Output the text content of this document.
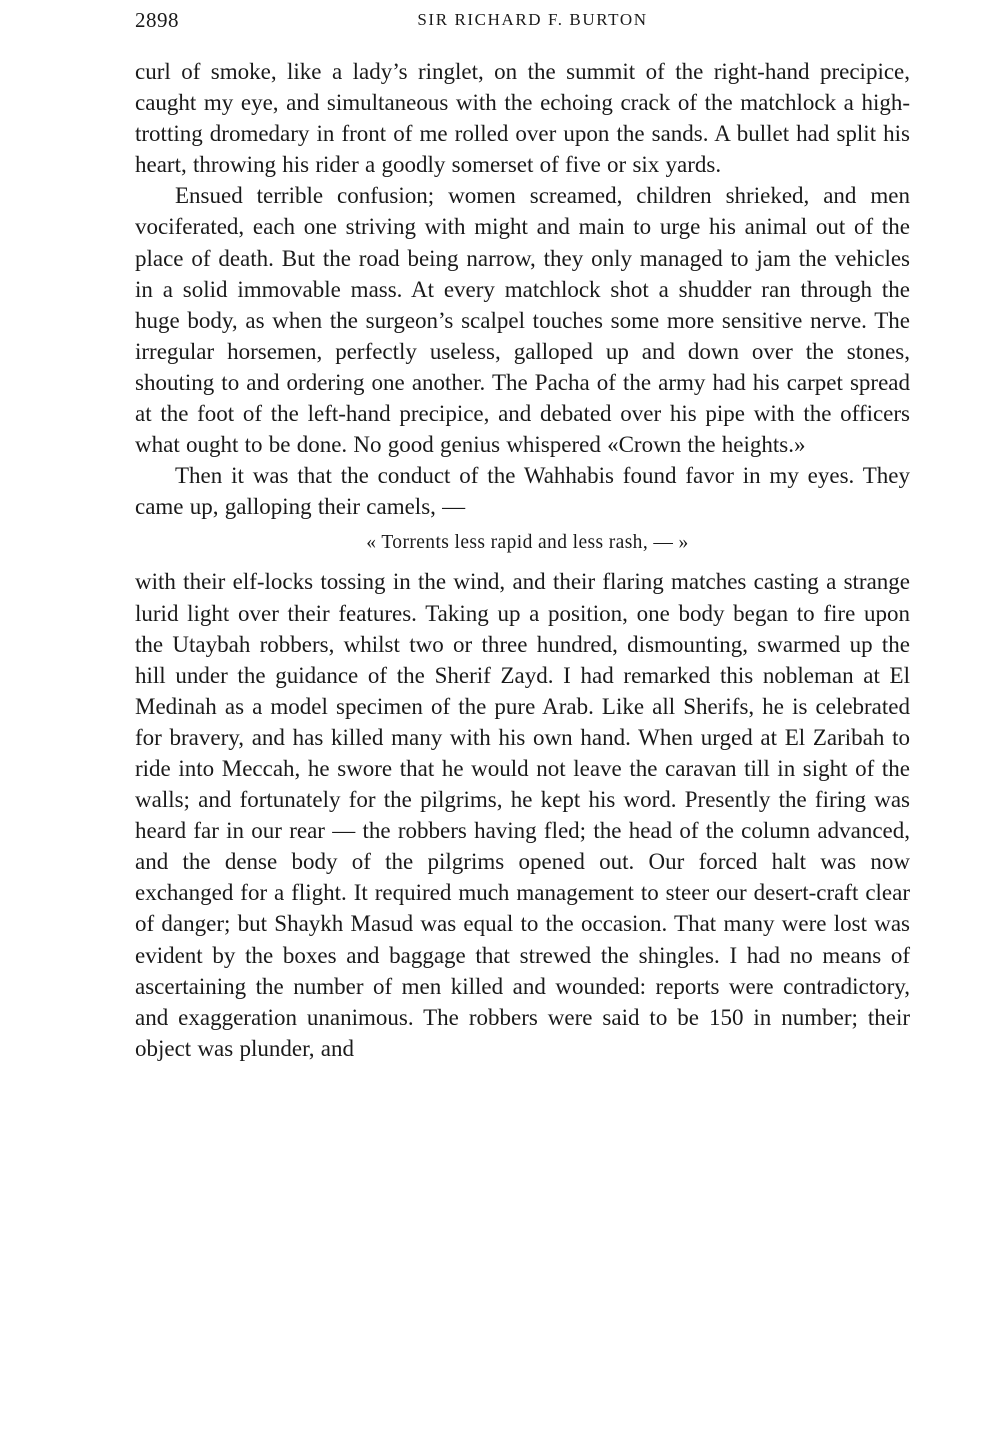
2898	SIR RICHARD F. BURTON

curl of smoke, like a lady’s ringlet, on the summit of the right-hand precipice, caught my eye, and simultaneous with the echoing crack of the matchlock a high-trotting dromedary in front of me rolled over upon the sands. A bullet had split his heart, throwing his rider a goodly somerset of five or six yards.

Ensued terrible confusion; women screamed, children shrieked, and men vociferated, each one striving with might and main to urge his animal out of the place of death. But the road being narrow, they only managed to jam the vehicles in a solid immovable mass. At every matchlock shot a shudder ran through the huge body, as when the surgeon’s scalpel touches some more sensitive nerve. The irregular horsemen, perfectly useless, galloped up and down over the stones, shouting to and ordering one another. The Pacha of the army had his carpet spread at the foot of the left-hand precipice, and debated over his pipe with the officers what ought to be done. No good genius whispered «Crown the heights.»

Then it was that the conduct of the Wahhabis found favor in my eyes. They came up, galloping their camels, —

« Torrents less rapid and less rash, — »

with their elf-locks tossing in the wind, and their flaring matches casting a strange lurid light over their features. Taking up a position, one body began to fire upon the Utaybah robbers, whilst two or three hundred, dismounting, swarmed up the hill under the guidance of the Sherif Zayd. I had remarked this nobleman at El Medinah as a model specimen of the pure Arab. Like all Sherifs, he is celebrated for bravery, and has killed many with his own hand. When urged at El Zaribah to ride into Meccah, he swore that he would not leave the caravan till in sight of the walls; and fortunately for the pilgrims, he kept his word. Presently the firing was heard far in our rear — the robbers having fled; the head of the column advanced, and the dense body of the pilgrims opened out. Our forced halt was now exchanged for a flight. It required much management to steer our desert-craft clear of danger; but Shaykh Masud was equal to the occasion. That many were lost was evident by the boxes and baggage that strewed the shingles. I had no means of ascertaining the number of men killed and wounded: reports were contradictory, and exaggeration unanimous. The robbers were said to be 150 in number; their object was plunder, and
